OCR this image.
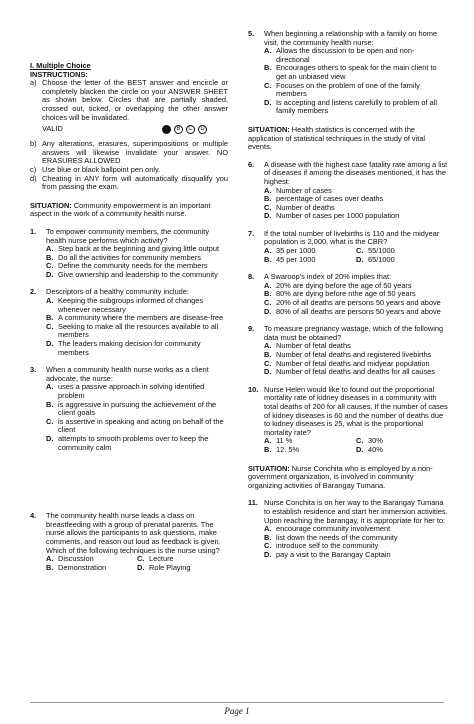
I. Multiple Choice
INSTRUCTIONS:
a) Choose the letter of the BEST answer and encircle or completely blacken the circle on your ANSWER SHEET as shown below. Circles that are partially shaded, crossed out, ticked, or overlapping the other answer choices will be invalidated.
VALID	B	C	D
b) Any alterations, erasures, superimpositions or multiple answers will likewise invalidate your answer. NO ERASURES ALLOWED
c) Use blue or black ballpoint pen only.
d) Cheating in ANY form will automatically disqualify you from passing the exam.
SITUATION: Community empowerment is an important aspect in the work of a community health nurse.
1.	To empower community members, the community health nurse performs which activity?
A. Step back at the beginning and giving little output
B. Do all the activities for community members
C. Define the community needs for the members
D. Give ownership and leadership to the community
2.	Descriptors of a healthy community include:
A. Keeping the subgroups informed of changes whenever necessary
B. A community where the members are disease-free
C. Seeking to make all the resources available to all members
D. The leaders making decision for community members
3.	When a community health nurse works as a client advocate, the nurse:
A. uses a passive approach in solving identified problem
B. is aggressive in pursuing the achievement of the client goals
C. is assertive in speaking and acting on behalf of the client
D. attempts to smooth problems over to keep the community calm
4.	The community health nurse leads a class on breastfeeding with a group of prenatal parents. The nurse allows the participants to ask questions, make comments, and reason out loud as feedback is given. Which of the following techniques is the nurse using?
A. Discussion	C. Lecture
B. Demonstration	D. Role Playing
5.	When beginning a relationship with a family on home visit, the community health nurse:
A. Allows the discussion to be open and non-directional
B. Encourages others to speak for the main client to get an unbiased view
C. Focuses on the problem of one of the family members
D. Is accepting and listens carefully to problem of all family members
SITUATION: Health statistics is concerned with the application of statistical techniques in the study of vital events.
6.	A disease with the highest case fatality rate among a list of diseases if among the diseases mentioned, it has the highest:
A. Number of cases
B. percentage of cases over deaths
C. Number of deaths
D. Number of cases per 1000 population
7.	If the total number of livebirths is 110 and the midyear population is 2,000, what is the CBR?
A. 35 per 1000	C. 55/1000
B. 45 per 1000	D. 65/1000
8.	A Swaroop's index of 20% implies that:
A. 20% are dying before the age of 50 years
B. 80% are dying before nthe age of 50 years
C. 20% of all deaths are persons 50 years and above
D. 80% of all deaths are persons 50 years and above
9.	To measure pregnancy wastage, which of the following data must be obtained?
A. Number of fetal deaths
B. Number of fetal deaths and registered livebirths
C. Number of fetal deaths and midyear population
D. Number of fetal deaths and deaths for all causes
10. Nurse Helen would like to found out the proportional mortality rate of kidney diseases in a community with total deaths of 200 for all causes. If the number of cases of kidney diseases is 60 and the number of deaths due to kidney diseases is 25, what is the proportional mortality rate?
A. 11 %	C. 30%
B. 12. 5%	D. 40%
SITUATION: Nurse Conchita who is employed by a non-government organization, is involved in community organizing activities of Barangay Tumana.
11. Nurse Conchita is on her way to the Barangay Tumana to establish residence and start her immersion activities. Upon reaching the barangay, it is appropriate for her to:
A. encourage community involvement
B. list down the needs of the community
C. introduce self to the community
D. pay a visit to the Barangay Captain
Page 1
